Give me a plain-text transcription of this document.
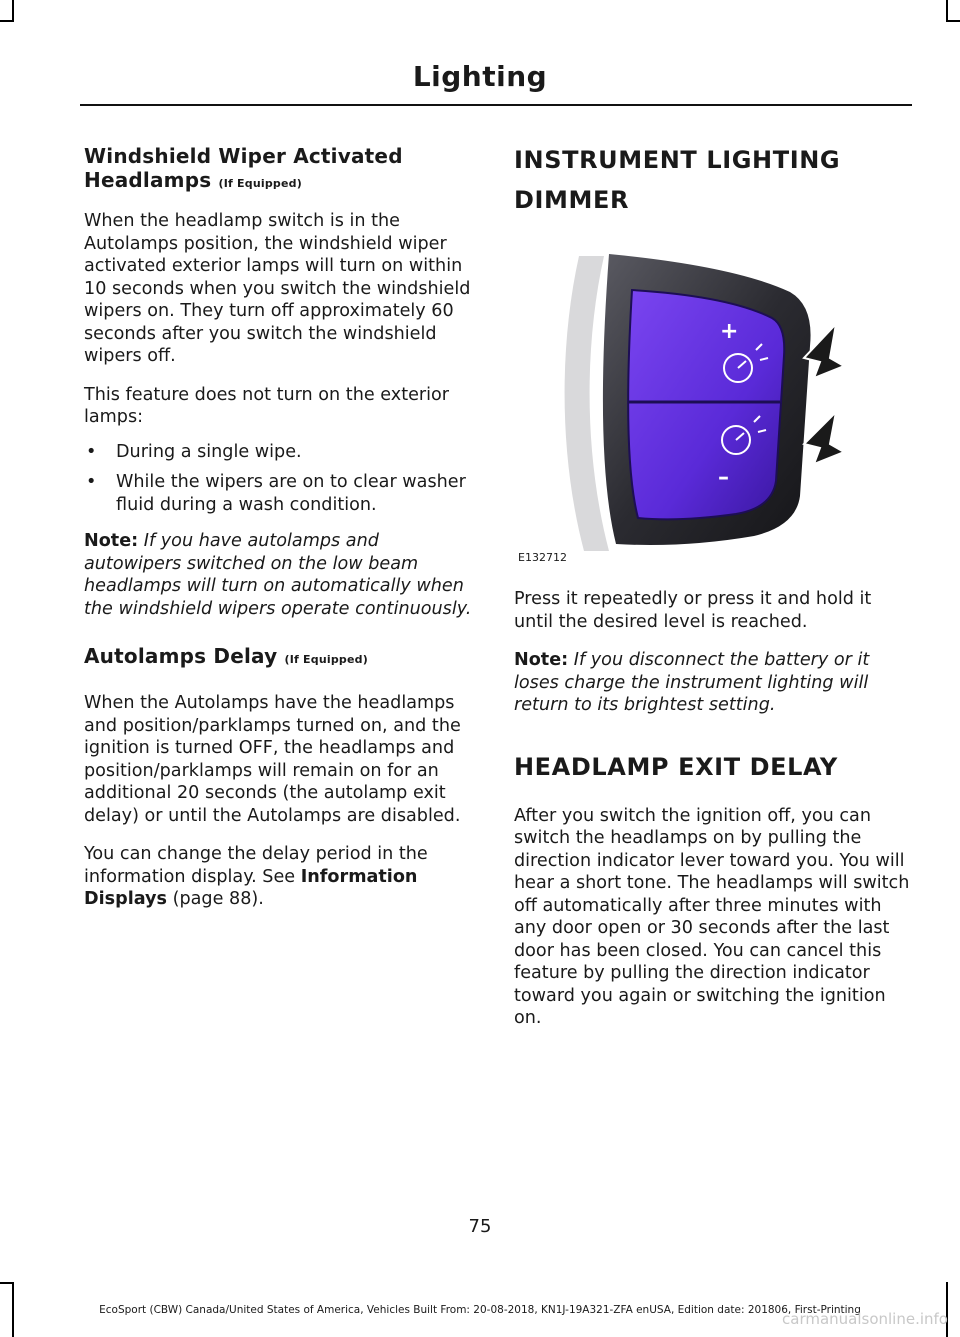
Lighting
Windshield Wiper Activated Headlamps (If Equipped)

When the headlamp switch is in the Autolamps position, the windshield wiper activated exterior lamps will turn on within 10 seconds when you switch the windshield wipers on. They turn off approximately 60 seconds after you switch the windshield wipers off.

This feature does not turn on the exterior lamps:

• During a single wipe.
• While the wipers are on to clear washer fluid during a wash condition.

Note: If you have autolamps and autowipers switched on the low beam headlamps will turn on automatically when the windshield wipers operate continuously.

Autolamps Delay (If Equipped)

When the Autolamps have the headlamps and position/parklamps turned on, and the ignition is turned OFF, the headlamps and position/parklamps will remain on for an additional 20 seconds (the autolamp exit delay) or until the Autolamps are disabled.

You can change the delay period in the information display. See Information Displays (page 88).

INSTRUMENT LIGHTING
DIMMER
+
–
E132712

Press it repeatedly or press it and hold it until the desired level is reached.

Note: If you disconnect the battery or it loses charge the instrument lighting will return to its brightest setting.

HEADLAMP EXIT DELAY

After you switch the ignition off, you can switch the headlamps on by pulling the direction indicator lever toward you. You will hear a short tone. The headlamps will switch off automatically after three minutes with any door open or 30 seconds after the last door has been closed. You can cancel this feature by pulling the direction indicator toward you again or switching the ignition on.

75
EcoSport (CBW) Canada/United States of America, Vehicles Built From: 20-08-2018, KN1J-19A321-ZFA enUSA, Edition date: 201806, First-Printing
carmanualsonline.info
